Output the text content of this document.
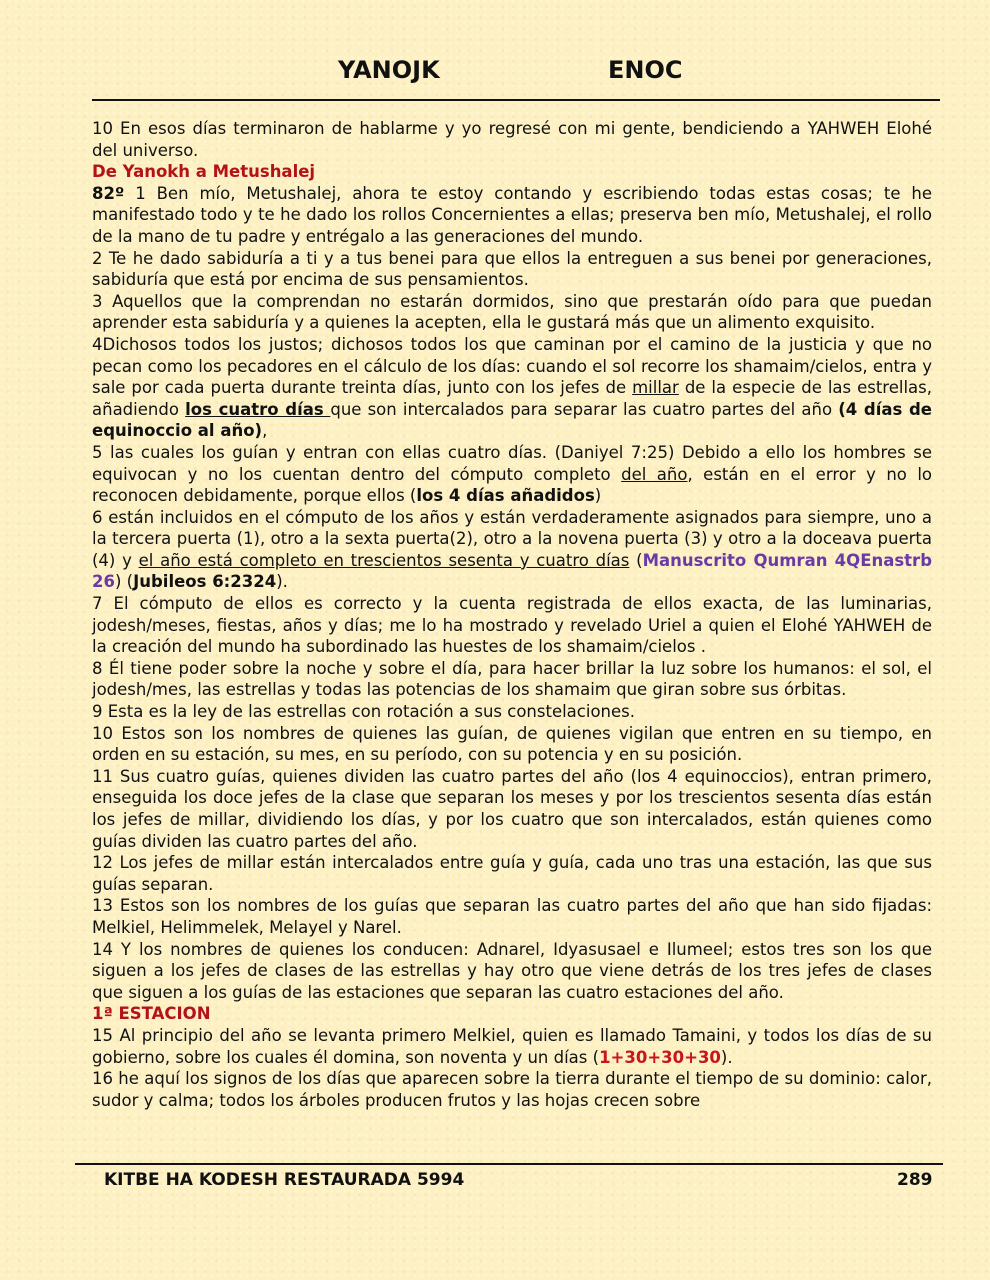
YANOJK	ENOC

10 En esos días terminaron de hablarme y yo regresé con mi gente, bendiciendo a YAHWEH Elohé del universo.

De Yanokh a Metushalej

82º 1 Ben mío, Metushalej, ahora te estoy contando y escribiendo todas estas cosas; te he manifestado todo y te he dado los rollos Concernientes a ellas; preserva ben mío, Metushalej, el rollo de la mano de tu padre y entrégalo a las generaciones del mundo.

2 Te he dado sabiduría a ti y a tus benei para que ellos la entreguen a sus benei por generaciones, sabiduría que está por encima de sus pensamientos.

3 Aquellos que la comprendan no estarán dormidos, sino que prestarán oído para que puedan aprender esta sabiduría y a quienes la acepten, ella le gustará más que un alimento exquisito.

4Dichosos todos los justos; dichosos todos los que caminan por el camino de la justicia y que no pecan como los pecadores en el cálculo de los días: cuando el sol recorre los shamaim/cielos, entra y sale por cada puerta durante treinta días, junto con los jefes de millar de la especie de las estrellas, añadiendo los cuatro días que son intercalados para separar las cuatro partes del año (4 días de equinoccio al año),

5 las cuales los guían y entran con ellas cuatro días. (Daniyel 7:25) Debido a ello los hombres se equivocan y no los cuentan dentro del cómputo completo del año, están en el error y no lo reconocen debidamente, porque ellos (los 4 días añadidos)

6 están incluidos en el cómputo de los años y están verdaderamente asignados para siempre, uno a la tercera puerta (1), otro a la sexta puerta(2), otro a la novena puerta (3) y otro a la doceava puerta (4) y el año está completo en trescientos sesenta y cuatro días (Manuscrito Qumran 4QEnastrb 26) (Jubileos 6:2324).

7 El cómputo de ellos es correcto y la cuenta registrada de ellos exacta, de las luminarias, jodesh/meses, fiestas, años y días; me lo ha mostrado y revelado Uriel a quien el Elohé YAHWEH de la creación del mundo ha subordinado las huestes de los shamaim/cielos .

8 Él tiene poder sobre la noche y sobre el día, para hacer brillar la luz sobre los humanos: el sol, el jodesh/mes, las estrellas y todas las potencias de los shamaim que giran sobre sus órbitas.

9 Esta es la ley de las estrellas con rotación a sus constelaciones.

10 Estos son los nombres de quienes las guían, de quienes vigilan que entren en su tiempo, en orden en su estación, su mes, en su período, con su potencia y en su posición.

11 Sus cuatro guías, quienes dividen las cuatro partes del año (los 4 equinoccios), entran primero, enseguida los doce jefes de la clase que separan los meses y por los trescientos sesenta días están los jefes de millar, dividiendo los días, y por los cuatro que son intercalados, están quienes como guías dividen las cuatro partes del año.

12 Los jefes de millar están intercalados entre guía y guía, cada uno tras una estación, las que sus guías separan.

13 Estos son los nombres de los guías que separan las cuatro partes del año que han sido fijadas: Melkiel, Helimmelek, Melayel y Narel.

14 Y los nombres de quienes los conducen: Adnarel, Idyasusael e Ilumeel; estos tres son los que siguen a los jefes de clases de las estrellas y hay otro que viene detrás de los tres jefes de clases que siguen a los guías de las estaciones que separan las cuatro estaciones del año.

1ª ESTACION

15 Al principio del año se levanta primero Melkiel, quien es llamado Tamaini, y todos los días de su gobierno, sobre los cuales él domina, son noventa y un días (1+30+30+30).

16 he aquí los signos de los días que aparecen sobre la tierra durante el tiempo de su dominio: calor, sudor y calma; todos los árboles producen frutos y las hojas crecen sobre

KITBE HA KODESH RESTAURADA 5994	289
